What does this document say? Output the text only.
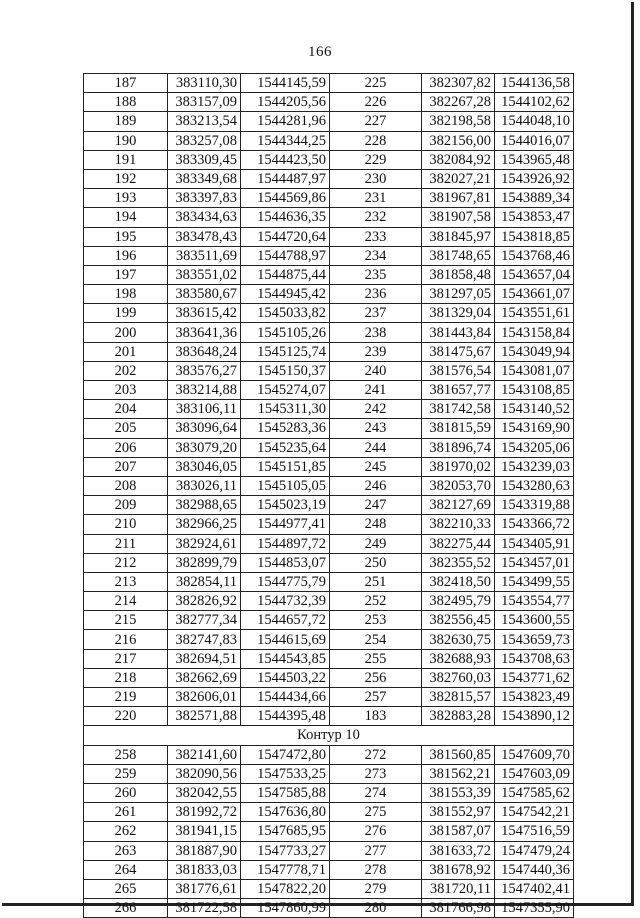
166
187	383110,30	1544145,59	225	382307,82	1544136,58
188	383157,09	1544205,56	226	382267,28	1544102,62
189	383213,54	1544281,96	227	382198,58	1544048,10
190	383257,08	1544344,25	228	382156,00	1544016,07
191	383309,45	1544423,50	229	382084,92	1543965,48
192	383349,68	1544487,97	230	382027,21	1543926,92
193	383397,83	1544569,86	231	381967,81	1543889,34
194	383434,63	1544636,35	232	381907,58	1543853,47
195	383478,43	1544720,64	233	381845,97	1543818,85
196	383511,69	1544788,97	234	381748,65	1543768,46
197	383551,02	1544875,44	235	381858,48	1543657,04
198	383580,67	1544945,42	236	381297,05	1543661,07
199	383615,42	1545033,82	237	381329,04	1543551,61
200	383641,36	1545105,26	238	381443,84	1543158,84
201	383648,24	1545125,74	239	381475,67	1543049,94
202	383576,27	1545150,37	240	381576,54	1543081,07
203	383214,88	1545274,07	241	381657,77	1543108,85
204	383106,11	1545311,30	242	381742,58	1543140,52
205	383096,64	1545283,36	243	381815,59	1543169,90
206	383079,20	1545235,64	244	381896,74	1543205,06
207	383046,05	1545151,85	245	381970,02	1543239,03
208	383026,11	1545105,05	246	382053,70	1543280,63
209	382988,65	1545023,19	247	382127,69	1543319,88
210	382966,25	1544977,41	248	382210,33	1543366,72
211	382924,61	1544897,72	249	382275,44	1543405,91
212	382899,79	1544853,07	250	382355,52	1543457,01
213	382854,11	1544775,79	251	382418,50	1543499,55
214	382826,92	1544732,39	252	382495,79	1543554,77
215	382777,34	1544657,72	253	382556,45	1543600,55
216	382747,83	1544615,69	254	382630,75	1543659,73
217	382694,51	1544543,85	255	382688,93	1543708,63
218	382662,69	1544503,22	256	382760,03	1543771,62
219	382606,01	1544434,66	257	382815,57	1543823,49
220	382571,88	1544395,48	183	382883,28	1543890,12
Контур 10					
258	382141,60	1547472,80	272	381560,85	1547609,70
259	382090,56	1547533,25	273	381562,21	1547603,09
260	382042,55	1547585,88	274	381553,39	1547585,62
261	381992,72	1547636,80	275	381552,97	1547542,21
262	381941,15	1547685,95	276	381587,07	1547516,59
263	381887,90	1547733,27	277	381633,72	1547479,24
264	381833,03	1547778,71	278	381678,92	1547440,36
265	381776,61	1547822,20	279	381720,11	1547402,41
266	381722,58	1547860,99	280	381766,98	1547355,90
